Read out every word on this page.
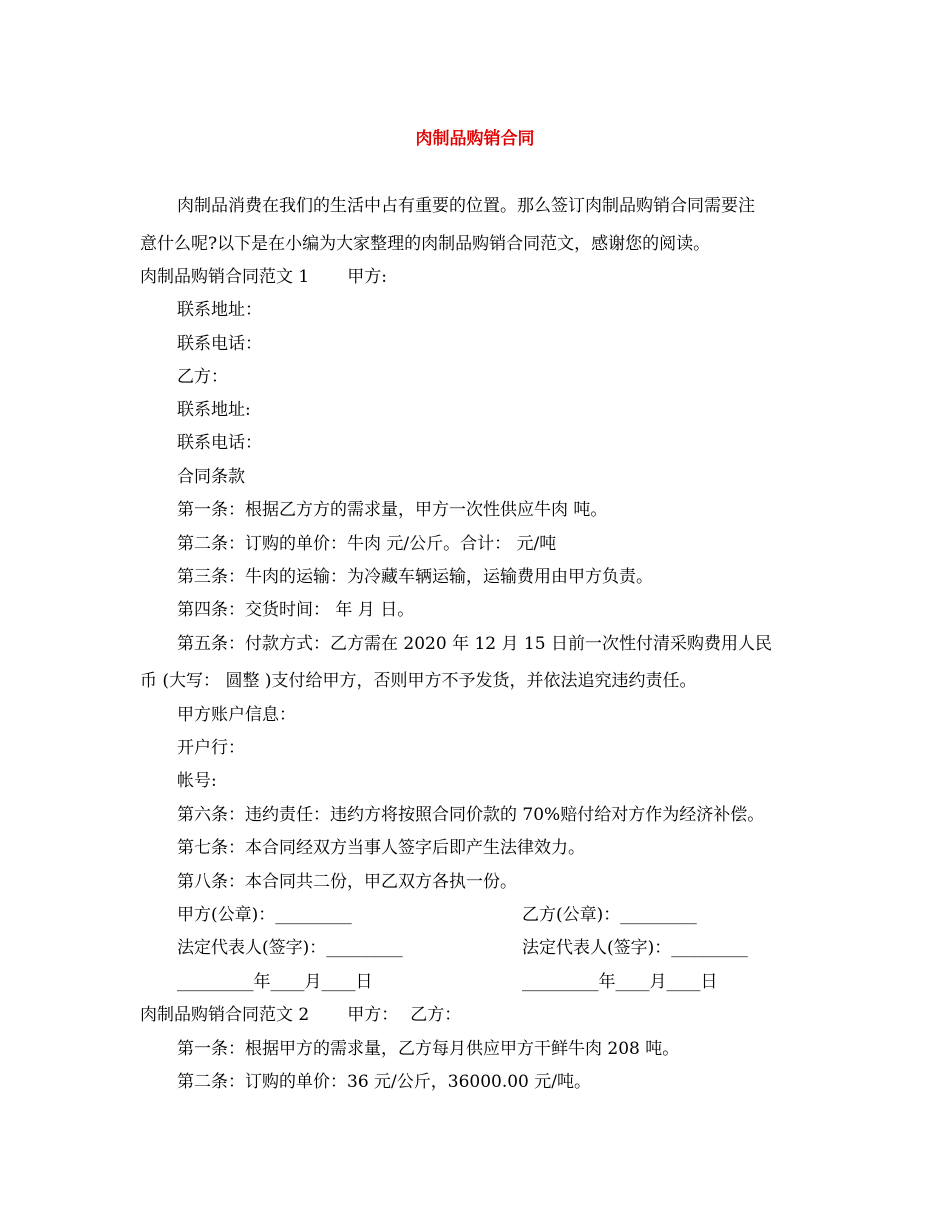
肉制品购销合同
肉制品消费在我们的生活中占有重要的位置。那么签订肉制品购销合同需要注
意什么呢?以下是在小编为大家整理的肉制品购销合同范文，感谢您的阅读。
肉制品购销合同范文 1 甲方:
联系地址：
联系电话：
乙方：
联系地址:
联系电话：
合同条款
第一条：根据乙方方的需求量，甲方一次性供应牛肉 吨。
第二条：订购的单价：牛肉 元/公斤。合计： 元/吨
第三条：牛肉的运输：为冷藏车辆运输，运输费用由甲方负责。
第四条：交货时间： 年 月 日。
第五条：付款方式：乙方需在 2020 年 12 月 15 日前一次性付清采购费用人民
币 (大写： 圆整 )支付给甲方，否则甲方不予发货，并依法追究违约责任。
甲方账户信息：
开户行：
帐号:
第六条：违约责任：违约方将按照合同价款的 70%赔付给对方作为经济补偿。
第七条：本合同经双方当事人签字后即产生法律效力。
第八条：本合同共二份，甲乙双方各执一份。
甲方(公章)：_________	乙方(公章)：_________
法定代表人(签字)：_________	法定代表人(签字)：_________
_________年____月____日	_________年____月____日
肉制品购销合同范文 2 甲方： 乙方：
第一条：根据甲方的需求量，乙方每月供应甲方干鲜牛肉 208 吨。
第二条：订购的单价：36 元/公斤，36000.00 元/吨。
